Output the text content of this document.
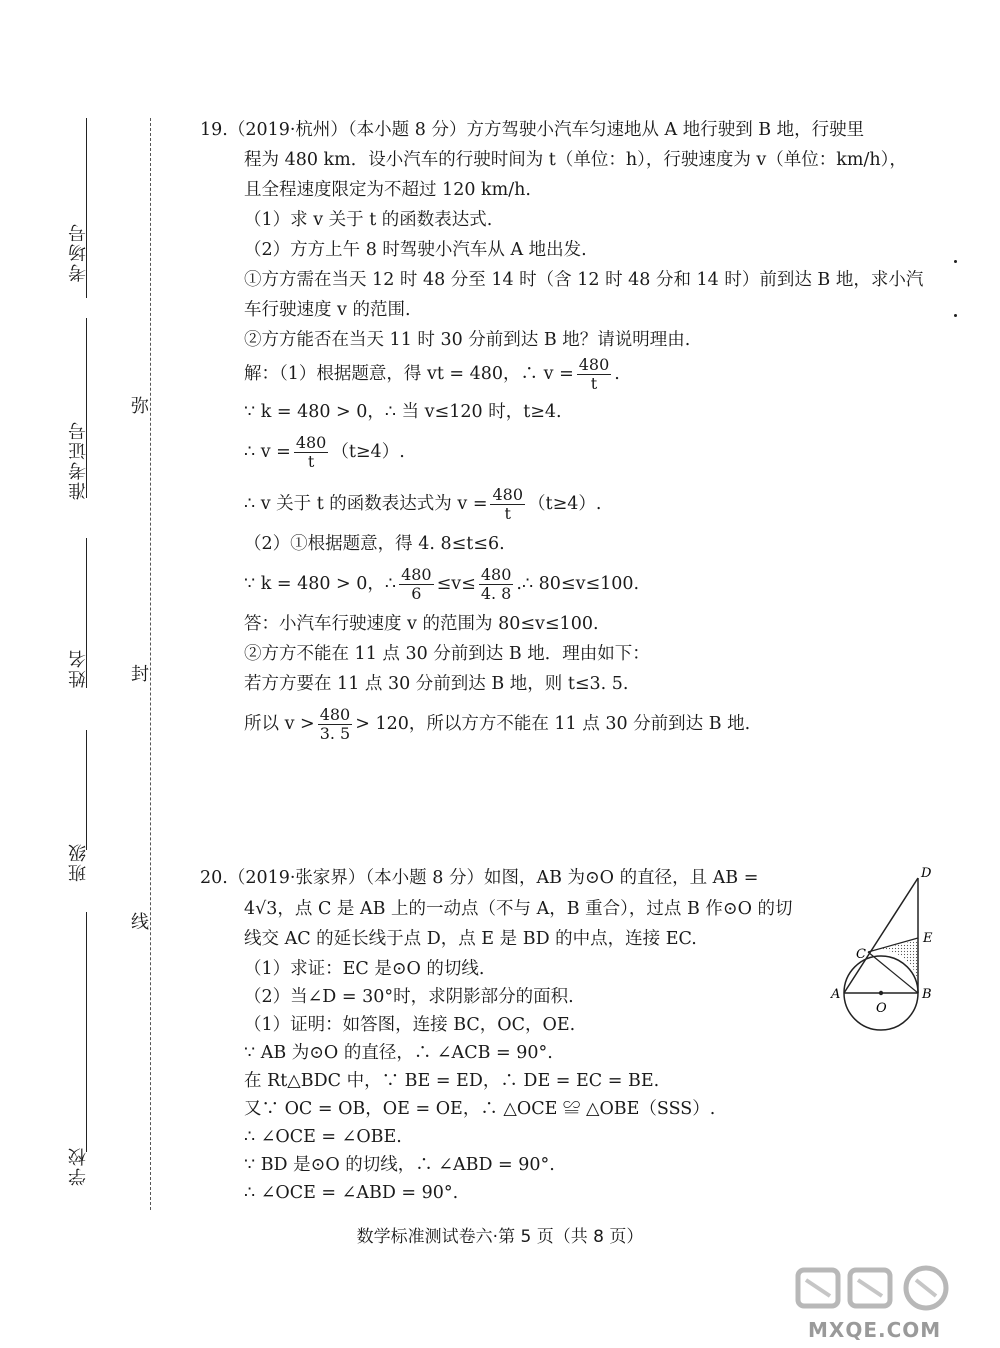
考场号
准考证号
姓名
班级
学校
弥
封
线
19.（2019·杭州）（本小题 8 分）方方驾驶小汽车匀速地从 A 地行驶到 B 地，行驶里
程为 480 km．设小汽车的行驶时间为 t（单位：h），行驶速度为 v（单位：km/h），
且全程速度限定为不超过 120 km/h.
（1）求 v 关于 t 的函数表达式.
（2）方方上午 8 时驾驶小汽车从 A 地出发.
①方方需在当天 12 时 48 分至 14 时（含 12 时 48 分和 14 时）前到达 B 地，求小汽
车行驶速度 v 的范围.
②方方能否在当天 11 时 30 分前到达 B 地？请说明理由.
解：（1）根据题意，得 vt = 480，∴ $v = \frac{480}{t}$ .
∵ k = 480 > 0，∴ 当 v≤120 时，t≥4.
∴ $v = \frac{480}{t} (t\ge 4)$.
∴ v 关于 t 的函数表达式为 $v = \frac{480}{t} (t\ge 4)$.
（2）①根据题意，得 4. 8≤t≤6.
∵ k = 480 > 0，∴ $\frac{480}{6} \le v\le \frac{480}{4. 8}$ .∴ 80≤v≤100.
答：小汽车行驶速度 v 的范围为 80≤v≤100.
②方方不能在 11 点 30 分前到达 B 地．理由如下：
若方方要在 11 点 30 分前到达 B 地，则 t≤3. 5.
所以 $v > \frac{480}{3. 5} > 120$，所以方方不能在 11 点 30 分前到达 B 地.
20.（2019·张家界）（本小题 8 分）如图，AB 为⊙O 的直径，且 AB =
4√3，点 C 是 AB 上的一动点（不与 A，B 重合），过点 B 作⊙O 的切
线交 AC 的延长线于点 D，点 E 是 BD 的中点，连接 EC.
（1）求证：EC 是⊙O 的切线.
（2）当∠D = 30°时，求阴影部分的面积.
（1）证明：如答图，连接 BC，OC，OE.
∵ AB 为⊙O 的直径，∴ ∠ACB = 90°.
在 Rt△BDC 中，∵ BE = ED，∴ DE = EC = BE.
又∵ OC = OB，OE = OE，∴ △OCE ≌ △OBE（SSS）.
∴ ∠OCE = ∠OBE.
∵ BD 是⊙O 的切线，∴ ∠ABD = 90°.
∴ ∠OCE = ∠ABD = 90°.
A	B
C
D
E
O
数学标准测试卷六·第 5 页（共 8 页）
MXQE.COM
